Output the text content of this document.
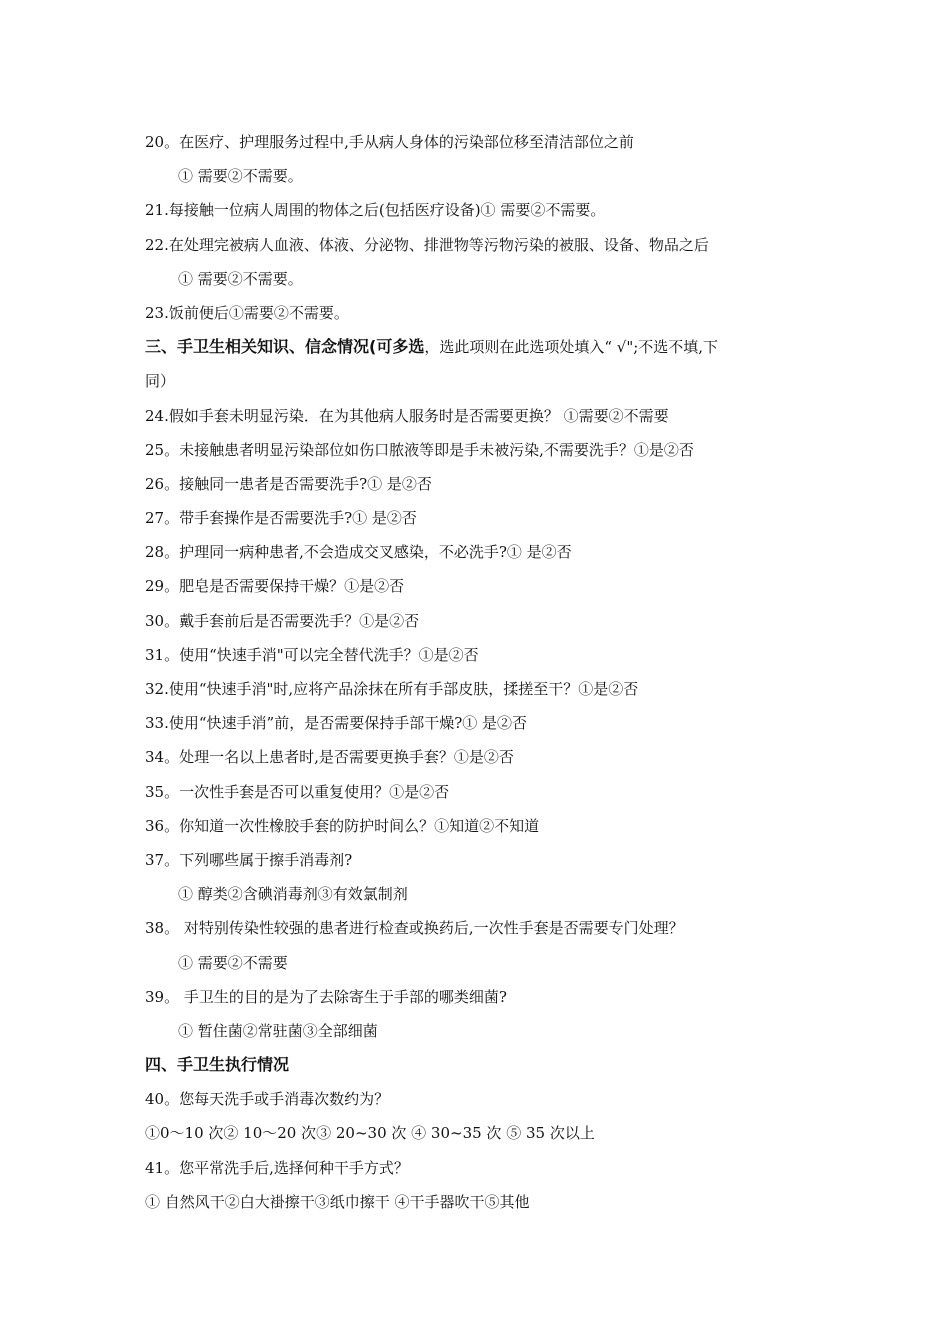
20。在医疗、护理服务过程中,手从病人身体的污染部位移至清洁部位之前
① 需要②不需要。
21.每接触一位病人周围的物体之后(包括医疗设备)① 需要②不需要。
22.在处理完被病人血液、体液、分泌物、排泄物等污物污染的被服、设备、物品之后
① 需要②不需要。
23.饭前便后①需要②不需要。
三、手卫生相关知识、信念情况(可多选，选此项则在此选项处填入“ √";不选不填,下
同）
24.假如手套未明显污染．在为其他病人服务时是否需要更换？ ①需要②不需要
25。未接触患者明显污染部位如伤口脓液等即是手未被污染,不需要洗手？①是②否
26。接触同一患者是否需要洗手?① 是②否
27。带手套操作是否需要洗手?① 是②否
28。护理同一病种患者,不会造成交叉感染，不必洗手?① 是②否
29。肥皂是否需要保持干燥？①是②否
30。戴手套前后是否需要洗手？①是②否
31。使用“快速手消"可以完全替代洗手？①是②否
32.使用“快速手消"时,应将产品涂抹在所有手部皮肤，揉搓至干？①是②否
33.使用“快速手消”前，是否需要保持手部干燥?① 是②否
34。处理一名以上患者时,是否需要更换手套？①是②否
35。一次性手套是否可以重复使用？①是②否
36。你知道一次性橡胶手套的防护时间么？①知道②不知道
37。下列哪些属于擦手消毒剂?
① 醇类②含碘消毒剂③有效氯制剂
38。 对特别传染性较强的患者进行检查或换药后,一次性手套是否需要专门处理？
① 需要②不需要
39。 手卫生的目的是为了去除寄生于手部的哪类细菌?
① 暂住菌②常驻菌③全部细菌
四、手卫生执行情况
40。您每天洗手或手消毒次数约为？
①0～10 次② 10～20 次③ 20~30 次 ④ 30~35 次 ⑤ 35 次以上
41。您平常洗手后,选择何种干手方式？
① 自然风干②白大褂擦干③纸巾擦干 ④干手器吹干⑤其他
